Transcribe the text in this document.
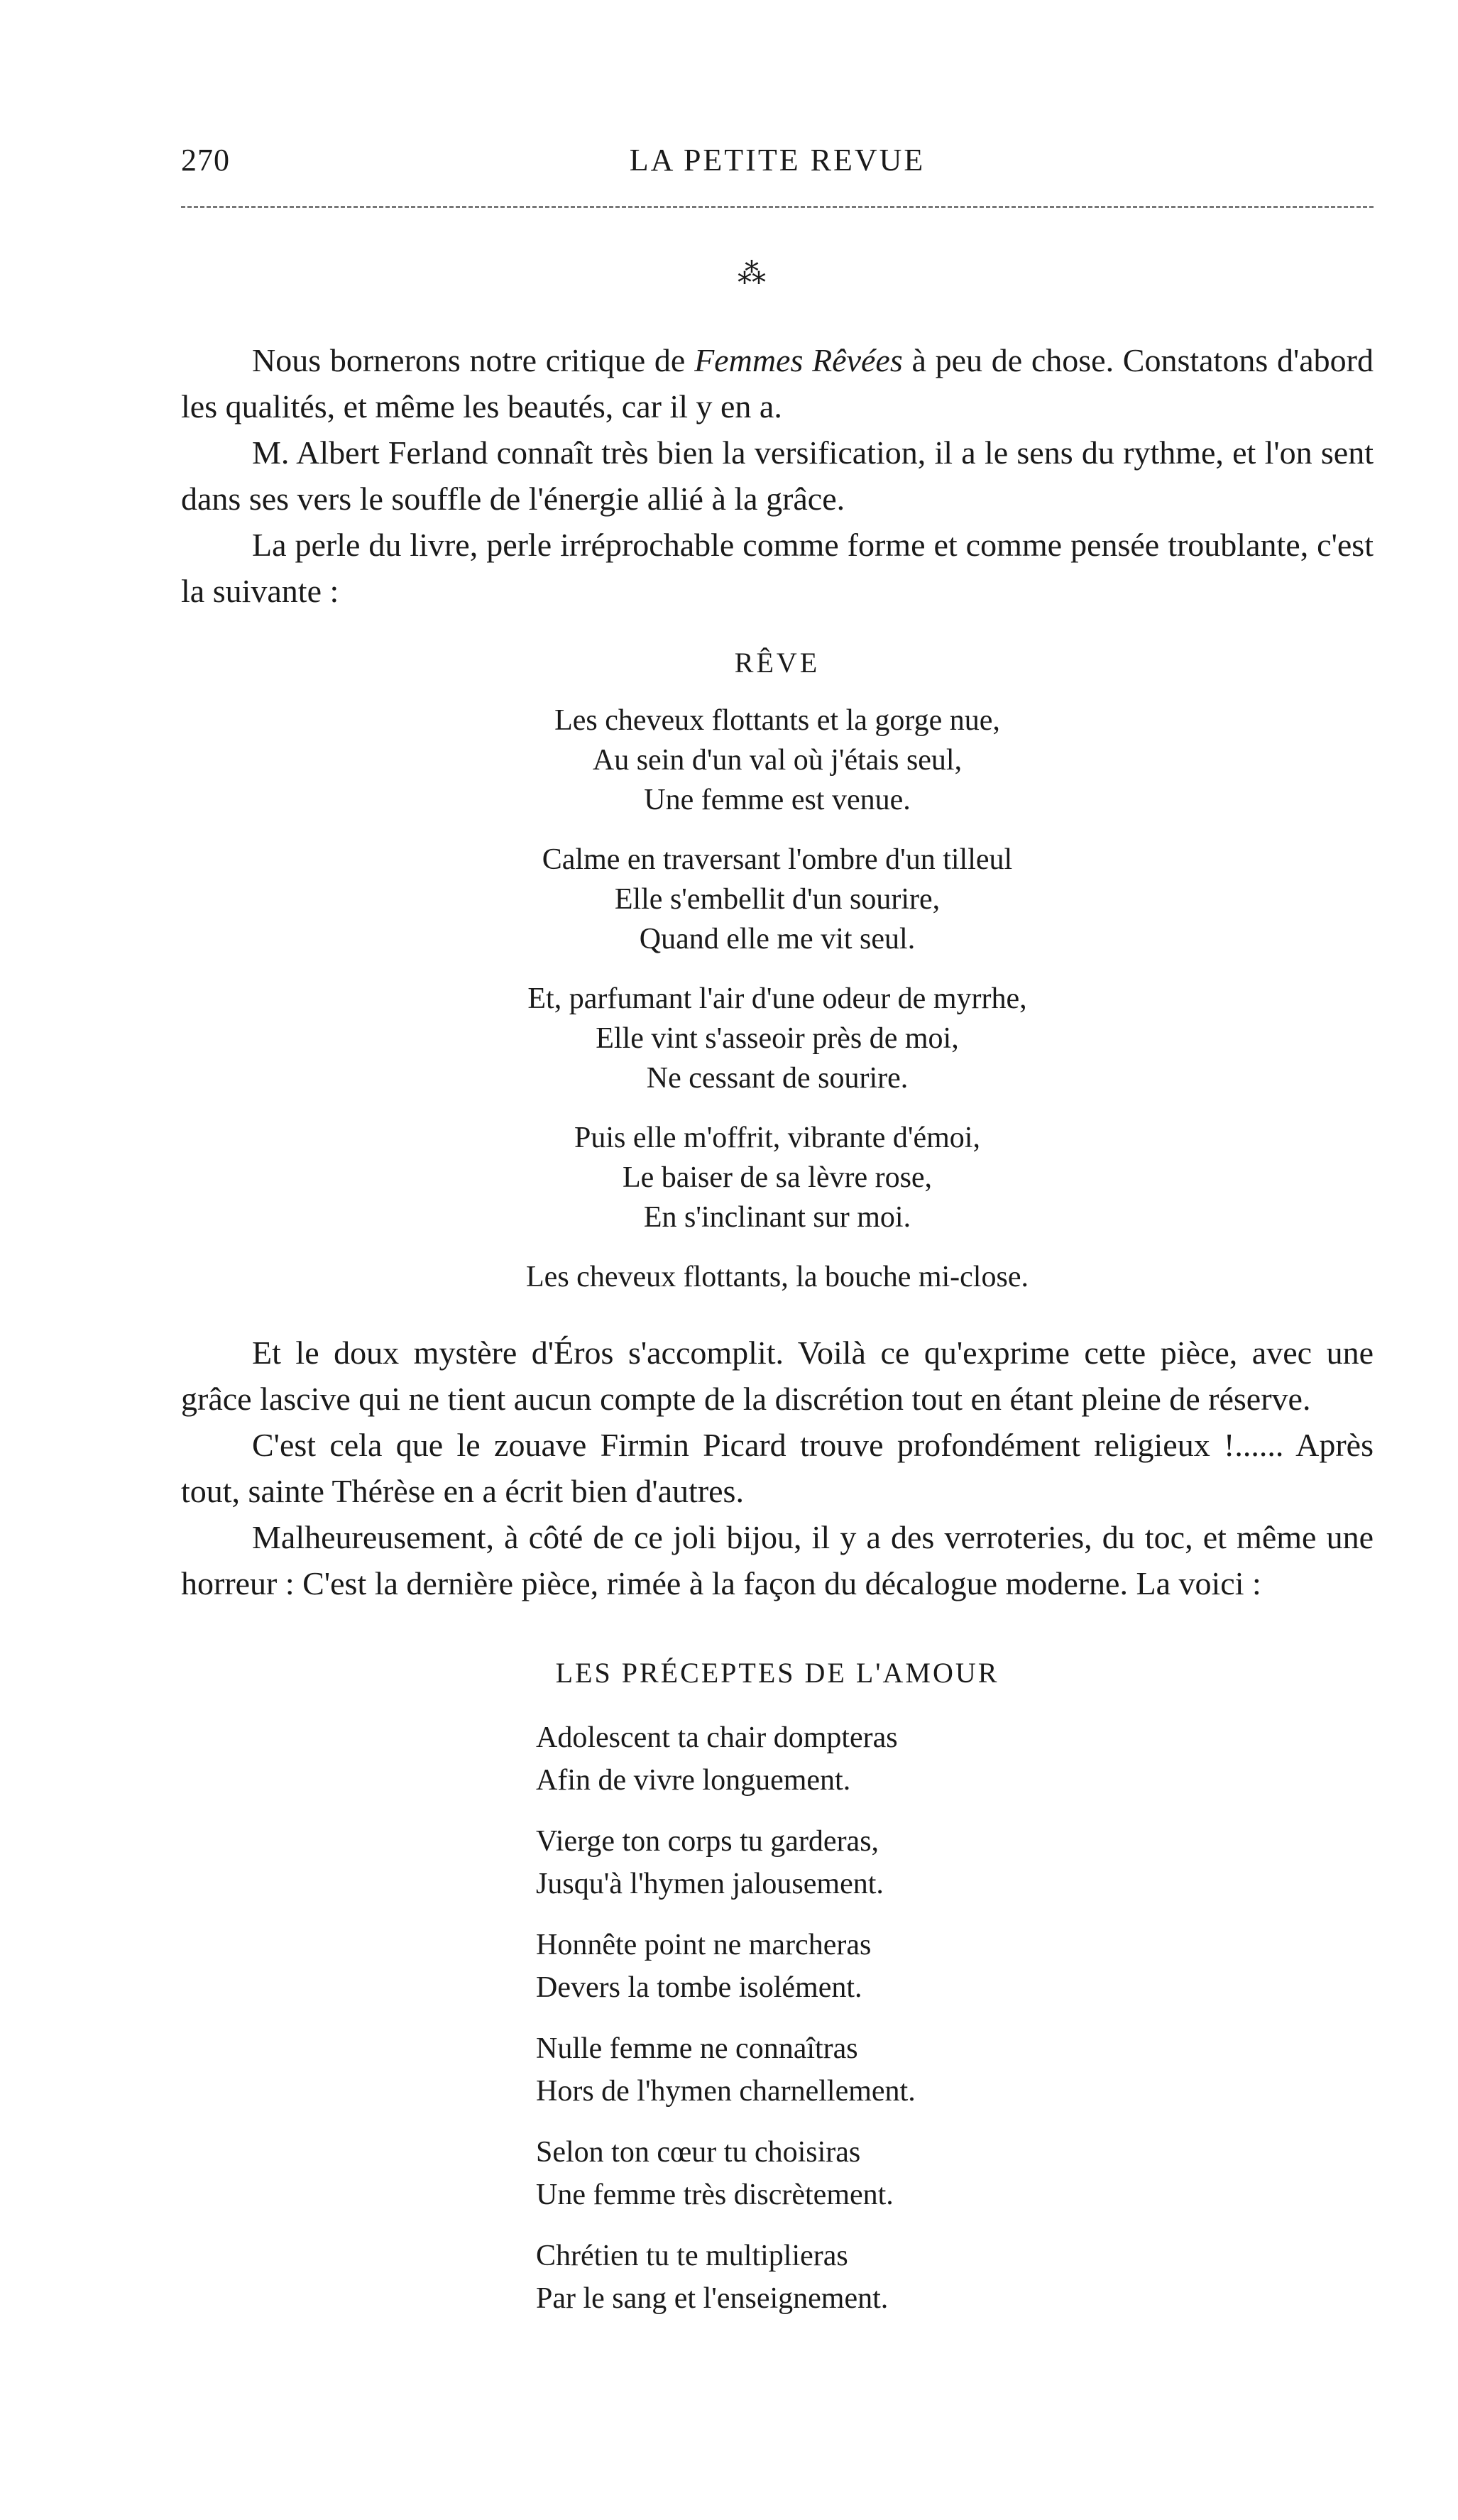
270	LA PETITE REVUE
⁂

Nous bornerons notre critique de Femmes Rêvées à peu de chose. Constatons d'abord les qualités, et même les beautés, car il y en a.

M. Albert Ferland connaît très bien la versification, il a le sens du rythme, et l'on sent dans ses vers le souffle de l'énergie allié à la grâce.

La perle du livre, perle irréprochable comme forme et comme pensée troublante, c'est la suivante :

RÊVE
Les cheveux flottants et la gorge nue,
Au sein d'un val où j'étais seul,
Une femme est venue.
Calme en traversant l'ombre d'un tilleul
Elle s'embellit d'un sourire,
Quand elle me vit seul.
Et, parfumant l'air d'une odeur de myrrhe,
Elle vint s'asseoir près de moi,
Ne cessant de sourire.
Puis elle m'offrit, vibrante d'émoi,
Le baiser de sa lèvre rose,
En s'inclinant sur moi.
Les cheveux flottants, la bouche mi-close.

Et le doux mystère d'Éros s'accomplit. Voilà ce qu'exprime cette pièce, avec une grâce lascive qui ne tient aucun compte de la discrétion tout en étant pleine de réserve.

C'est cela que le zouave Firmin Picard trouve profondément religieux !...... Après tout, sainte Thérèse en a écrit bien d'autres.

Malheureusement, à côté de ce joli bijou, il y a des verroteries, du toc, et même une horreur : C'est la dernière pièce, rimée à la façon du décalogue moderne. La voici :

LES PRÉCEPTES DE L'AMOUR
Adolescent ta chair dompteras
Afin de vivre longuement.
Vierge ton corps tu garderas,
Jusqu'à l'hymen jalousement.
Honnête point ne marcheras
Devers la tombe isolément.
Nulle femme ne connaîtras
Hors de l'hymen charnellement.
Selon ton cœur tu choisiras
Une femme très discrètement.
Chrétien tu te multiplieras
Par le sang et l'enseignement.
